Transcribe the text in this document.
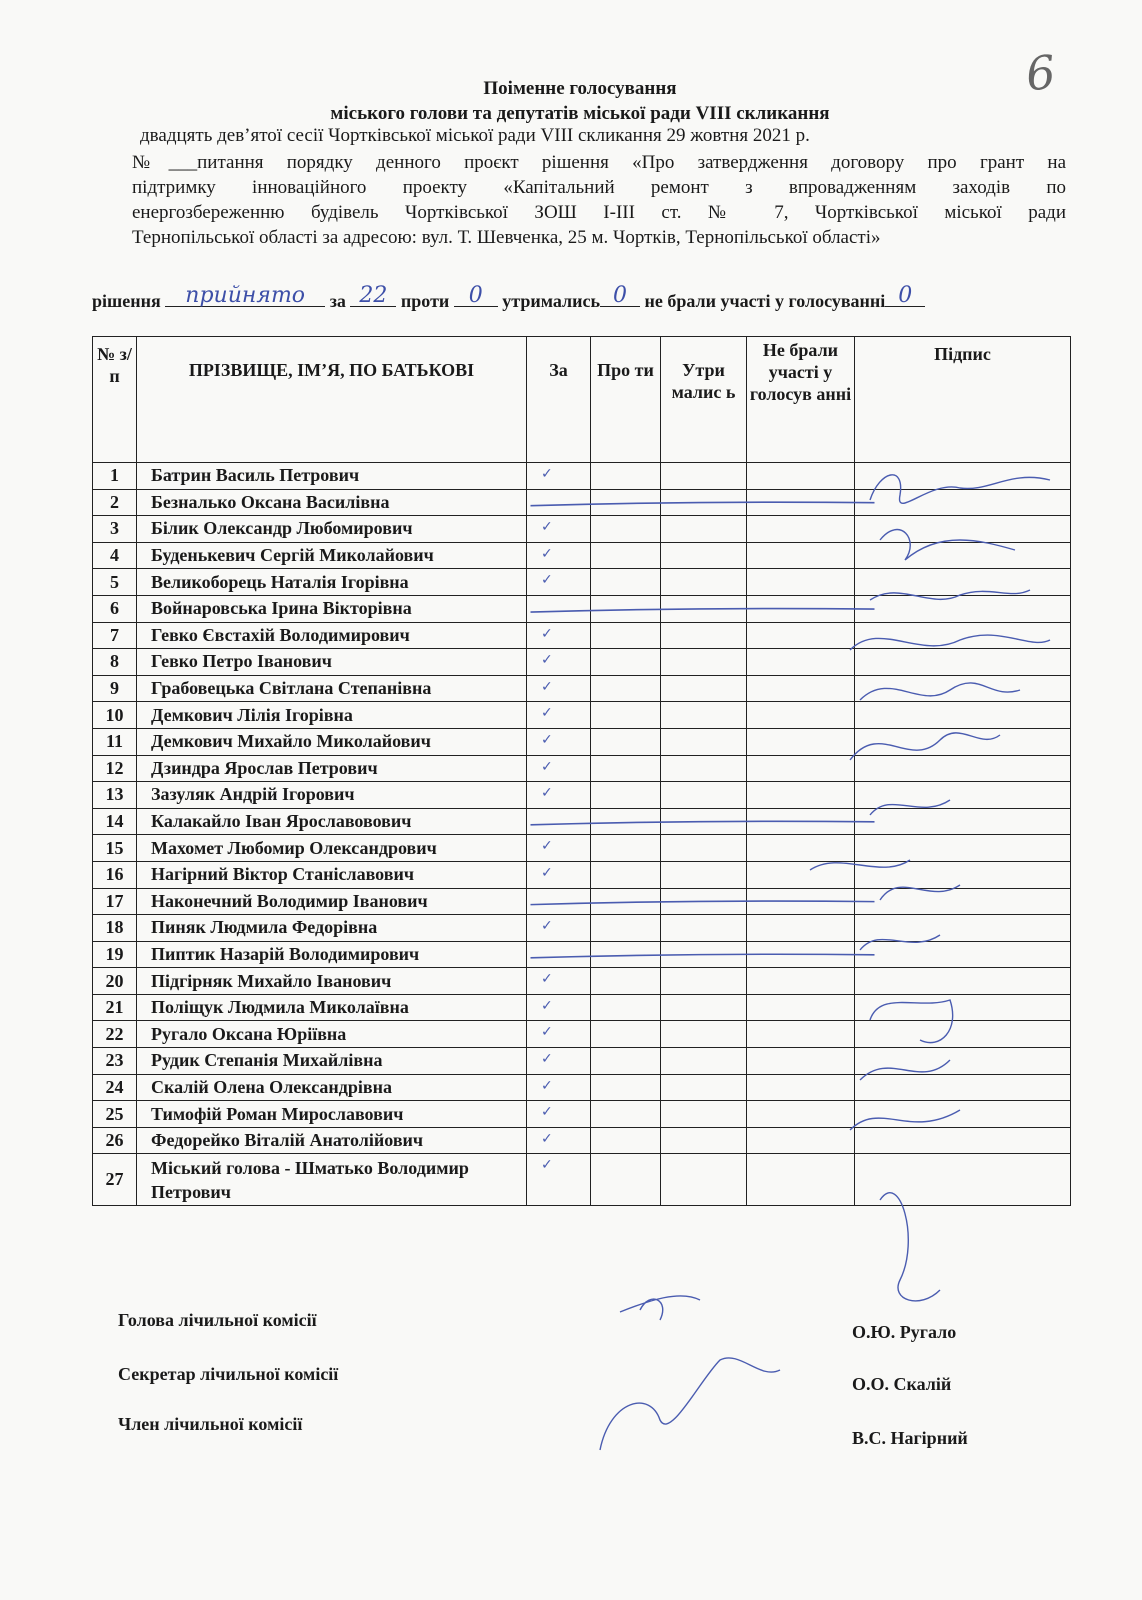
6
Поіменне голосування
міського голови та депутатів міської ради VIII скликання
двадцять дев’ятої сесії Чортківської міської ради VIII скликання 29 жовтня 2021 р.
№___питання порядку денного проєкт рішення «Про затвердження договору про грант на
підтримку інноваційного проекту «Капітальний ремонт з впровадженням заходів по
енергозбереженню будівель Чортківської ЗОШ І-ІІІ ст. № 7, Чортківської міської ради
Тернопільської області за адресою: вул. Т. Шевченка, 25 м. Чортків, Тернопільської області»
рішення	прийнято	за 22 проти 0	утримались 0 не брали участі у голосуванні 0
№ з/п	ПРІЗВИЩЕ, ІМ’Я, ПО БАТЬКОВІ	За	Про ти	Утри малис ь	Не брали участі у голосув анні	Підпис
1	Батрин Василь Петрович	✓				

2	Безналько Оксана Василівна					
3	Білик Олександр Любомирович	✓				

4	Буденькевич Сергій Миколайович	✓				

5	Великоборець Наталія Ігорівна	✓				

6	Войнаровська Ірина Вікторівна					
7	Гевко Євстахій Володимирович	✓				

8	Гевко Петро Іванович	✓				

9	Грабовецька Світлана Степанівна	✓				

10	Демкович Лілія Ігорівна	✓				

11	Демкович Михайло Миколайович	✓				

12	Дзиндра Ярослав Петрович	✓				

13	Зазуляк Андрій Ігорович	✓				

14	Калакайло Іван Ярославовович					
15	Махомет Любомир Олександрович	✓				

16	Нагірний Віктор Станіславович	✓				

17	Наконечний Володимир Іванович					
18	Пиняк Людмила Федорівна	✓				

19	Пиптик Назарій Володимирович					
20	Підгірняк Михайло Іванович	✓				

21	Поліщук Людмила Миколаївна	✓				

22	Ругало Оксана Юріївна	✓				

23	Рудик Степанія Михайлівна	✓				

24	Скалій Олена Олександрівна	✓				

25	Тимофій Роман Мирославович	✓				

26	Федорейко Віталій Анатолійович	✓				

27	Міський голова - Шматько Володимир Петрович	✓				

Голова лічильної комісії
О.Ю. Ругало
Секретар лічильної комісії	О.О. Скалій
Член лічильної комісії
В.С. Нагірний
